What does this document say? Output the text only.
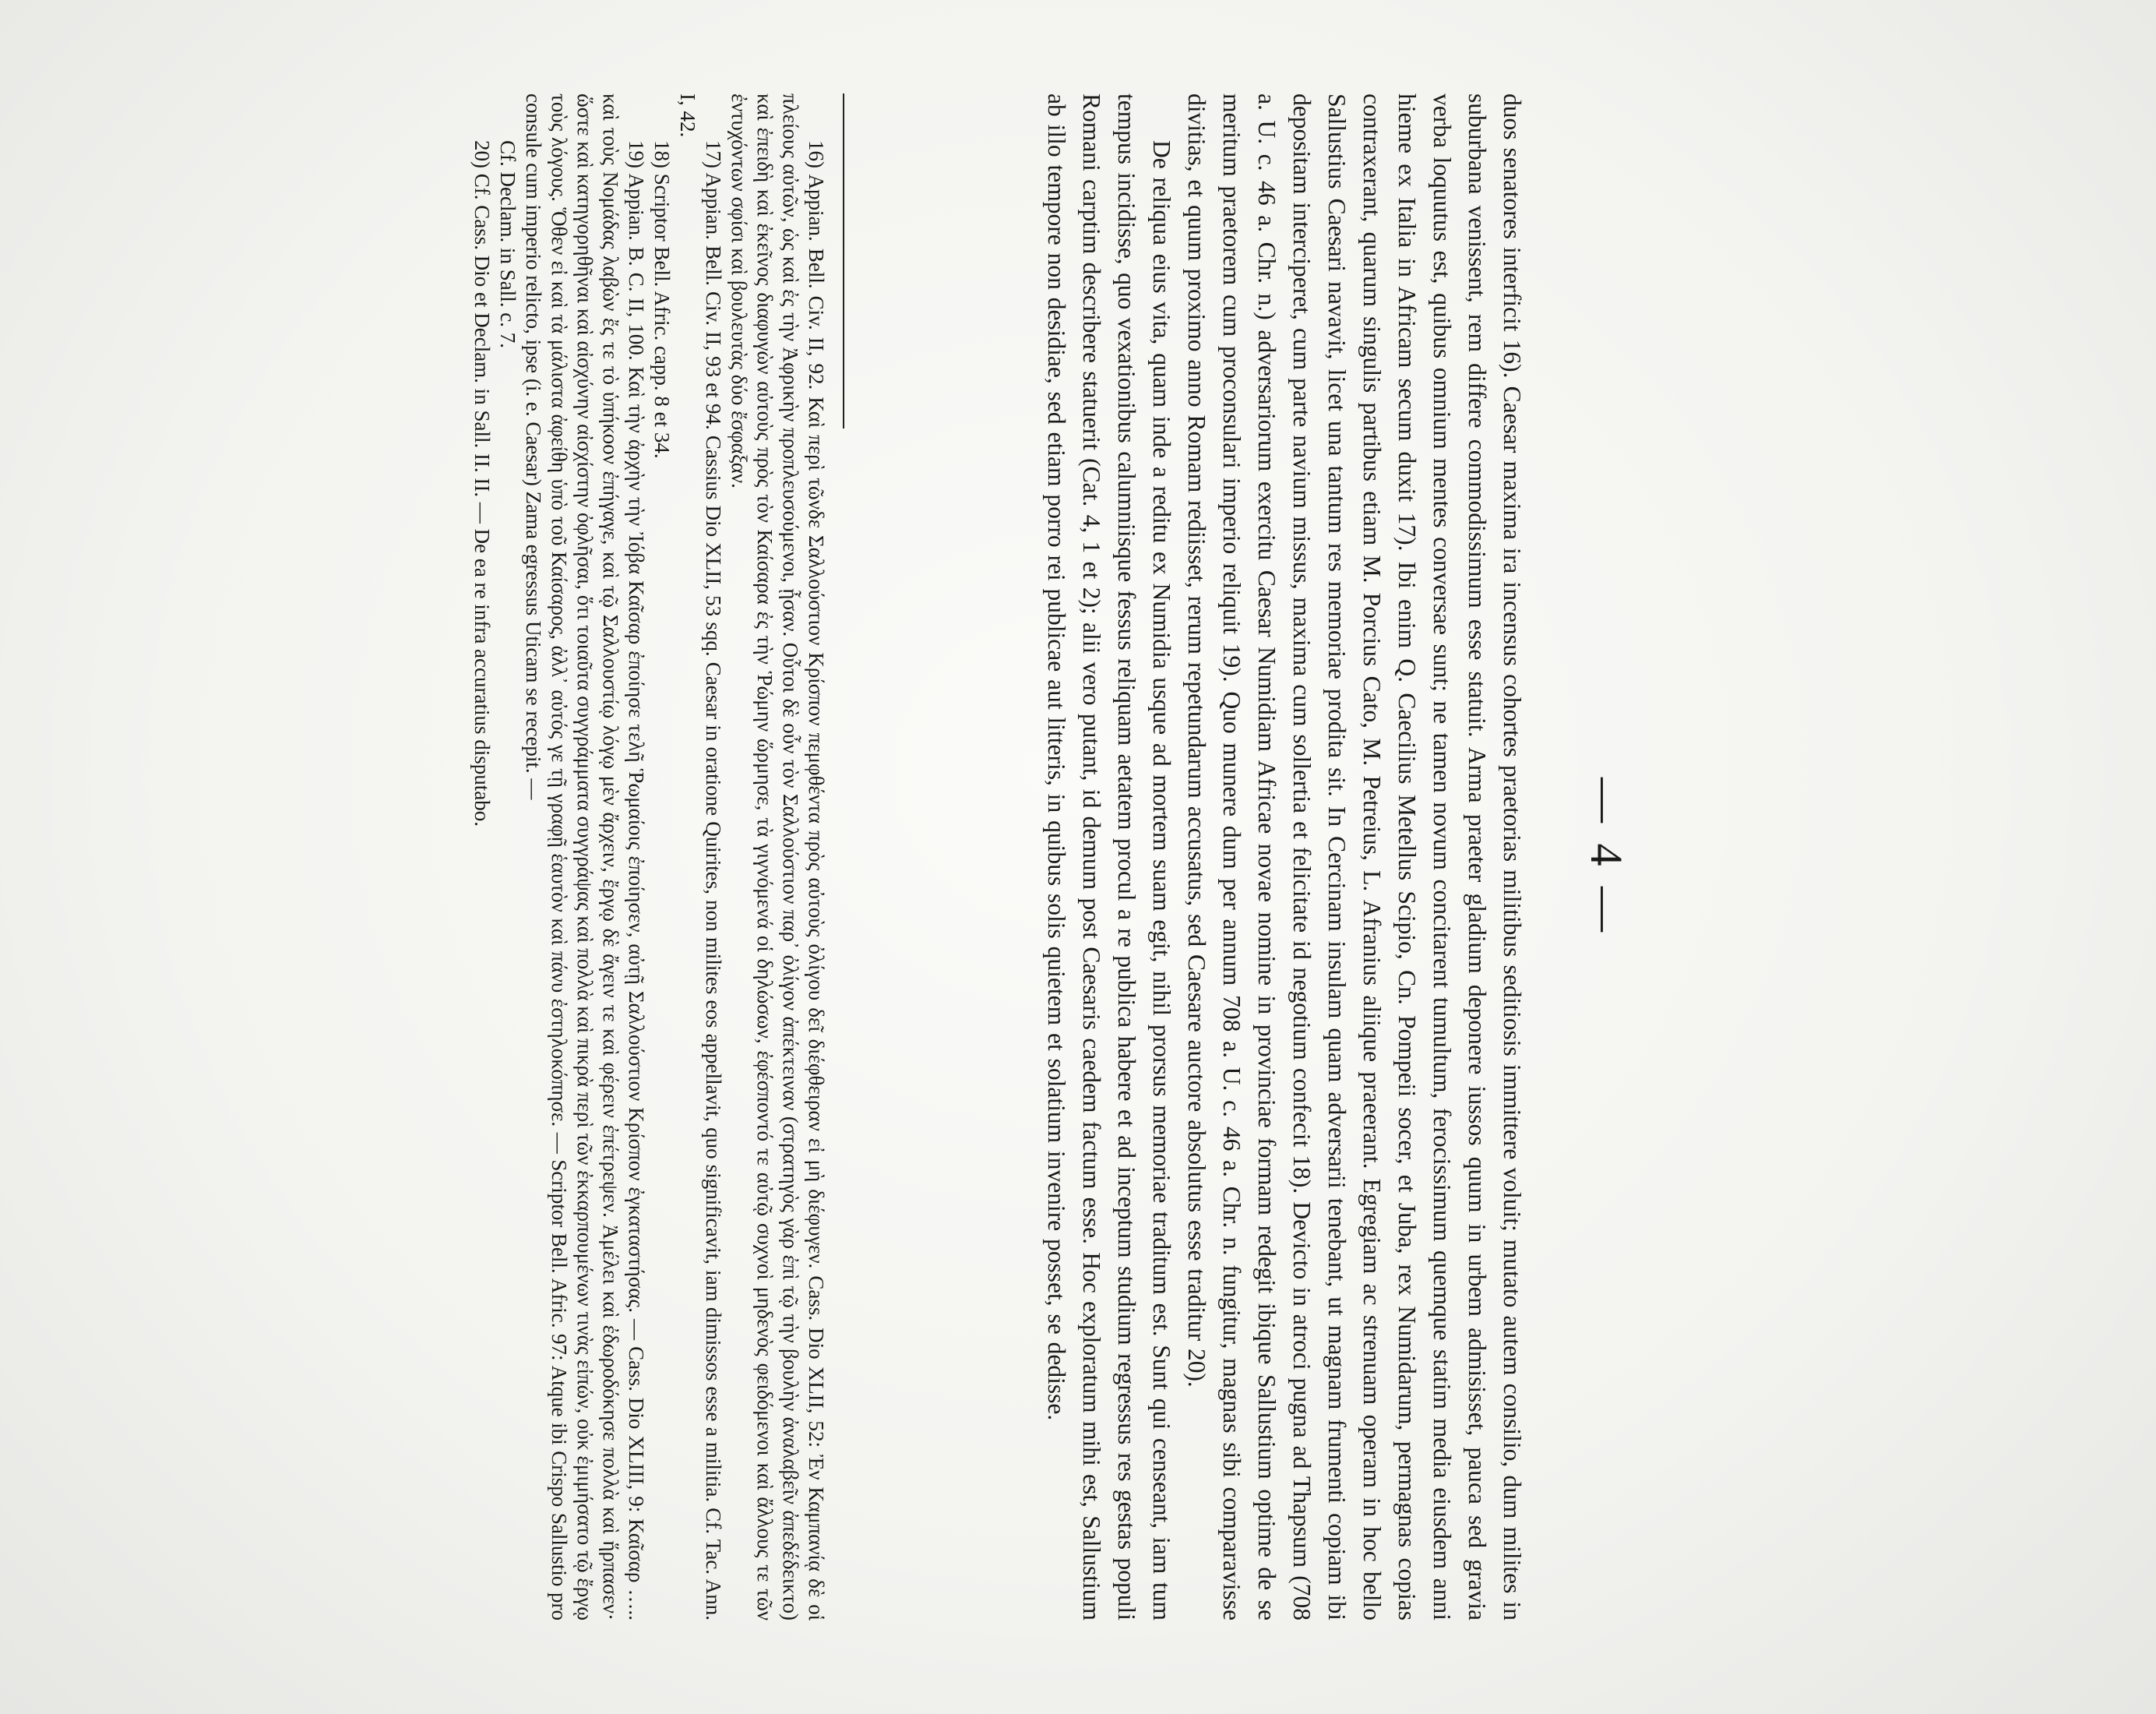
— 4 —

duos senatores interficit 16). Caesar maxima ira incensus cohortes praetorias militibus seditiosis immittere voluit; mutato autem consilio, dum milites in suburbana venissent, rem differe commodissimum esse statuit. Arma praeter gladium deponere iussos quum in urbem admisisset, pauca sed gravia verba loquutus est, quibus omnium mentes conversae sunt; ne tamen novum concitarent tumultum, ferocissimum quemque statim media eiusdem anni hieme ex Italia in Africam secum duxit 17). Ibi enim Q. Caecilius Metellus Scipio, Cn. Pompeii socer, et Juba, rex Numidarum, permagnas copias contraxerant, quarum singulis partibus etiam M. Porcius Cato, M. Petreius, L. Afranius aliique praeerant. Egregiam ac strenuam operam in hoc bello Sallustius Caesari navavit, licet una tantum res memoriae prodita sit. In Cercinam insulam quam adversarii tenebant, ut magnam frumenti copiam ibi depositam interciperet, cum parte navium missus, maxima cum sollertia et felicitate id negotium confecit 18). Devicto in atroci pugna ad Thapsum (708 a. U. c. 46 a. Chr. n.) adversariorum exercitu Caesar Numidiam Africae novae nomine in provinciae formam redegit ibique Sallustium optime de se meritum praetorem cum proconsulari imperio reliquit 19). Quo munere dum per annum 708 a. U. c. 46 a. Chr. n. fungitur, magnas sibi comparavisse divitias, et quum proximo anno Romam rediisset, rerum repetundarum accusatus, sed Caesare auctore absolutus esse traditur 20).

De reliqua eius vita, quam inde a reditu ex Numidia usque ad mortem suam egit, nihil prorsus memoriae traditum est. Sunt qui censeant, iam tum tempus incidisse, quo vexationibus calumniisque fessus reliquam aetatem procul a re publica habere et ad inceptum studium regressus res gestas populi Romani carptim describere statuerit (Cat. 4, 1 et 2); alii vero putant, id demum post Caesaris caedem factum esse. Hoc exploratum mihi est, Sallustium ab illo tempore non desidiae, sed etiam porro rei publicae aut litteris, in quibus solis quietem et solatium invenire posset, se dedisse.

16) Appian. Bell. Civ. II, 92. Καὶ περὶ τῶνδε Σαλλούστιον Κρίσπον πεμφθέντα πρὸς αὐτοὺς ὀλίγου δεῖ διέφθειραν εἰ μὴ διέφυγεν. Cass. Dio XLII, 52: Ἐν Καμπανίᾳ δὲ οἱ πλείους αὐτῶν, ὡς καὶ ἐς τὴν Ἀφρικὴν προπλευσούμενοι, ᾖσαν. Οὗτοι δὲ οὖν τὸν Σαλλούστιον παρ᾽ ὀλίγον ἀπέκτειναν (στρατηγὸς γὰρ ἐπὶ τῷ τὴν βουλὴν ἀναλαβεῖν ἀπεδέδεικτο) καὶ ἐπειδὴ καὶ ἐκεῖνος διαφυγὼν αὐτοὺς πρὸς τὸν Καίσαρα ἐς τὴν Ῥώμην ὥρμησε, τὰ γιγνόμενά οἱ δηλώσων, ἐφέσποντό τε αὐτῷ συχνοὶ μηδενὸς φειδόμενοι καὶ ἄλλους τε τῶν ἐντυχόντων σφίσι καὶ βουλευτὰς δύο ἔσφαξαν.

17) Appian. Bell. Civ. II, 93 et 94. Cassius Dio XLII, 53 sqq. Caesar in oratione Quirites, non milites eos appellavit, quo significavit, iam dimissos esse a militia. Cf. Tac. Ann. I, 42.

18) Scriptor Bell. Afric. capp. 8 et 34.

19) Appian. B. C. II, 100. Καὶ τὴν ἀρχὴν τὴν Ἰόβα Καῖσαρ ἐποίησε τελῆ Ῥωμαίοις ἐποίησεν, αὐτῇ Σαλλούστιον Κρίσπον ἐγκαταστήσας. — Cass. Dio XLIII, 9: Καῖσαρ ….. καὶ τοὺς Νομάδας λαβὼν ἔς τε τὸ ὑπήκοον ἐπήγαγε, καὶ τῷ Σαλλουστίῳ λόγῳ μὲν ἄρχειν, ἔργῳ δὲ ἄγειν τε καὶ φέρειν ἐπέτρεψεν. Ἀμέλει καὶ ἐδωροδόκησε πολλὰ καὶ ἥρπασεν· ὥστε καὶ κατηγορηθῆναι καὶ αἰσχύνην αἰσχίστην ὀφλῆσαι, ὅτι τοιαῦτα συγγράμματα συγγράψας καὶ πολλὰ καὶ πικρὰ περὶ τῶν ἐκκαρπουμένων τινὰς εἰπών, οὐκ ἐμιμήσατο τῷ ἔργῳ τοὺς λόγους. Ὅθεν εἰ καὶ τὰ μάλιστα ἀφείθη ὑπὸ τοῦ Καίσαρος, ἀλλ᾽ αὐτός γε τῇ γραφῇ ἑαυτὸν καὶ πάνυ ἐστηλοκόπησε. — Scriptor Bell. Afric. 97: Atque ibi Crispo Sallustio pro consule cum imperio relicto, ipse (i. e. Caesar) Zama egressus Uticam se recepit. —

Cf. Declam. in Sall. c. 7.

20) Cf. Cass. Dio et Declam. in Sall. II. II. — De ea re infra accuratius disputabo.
